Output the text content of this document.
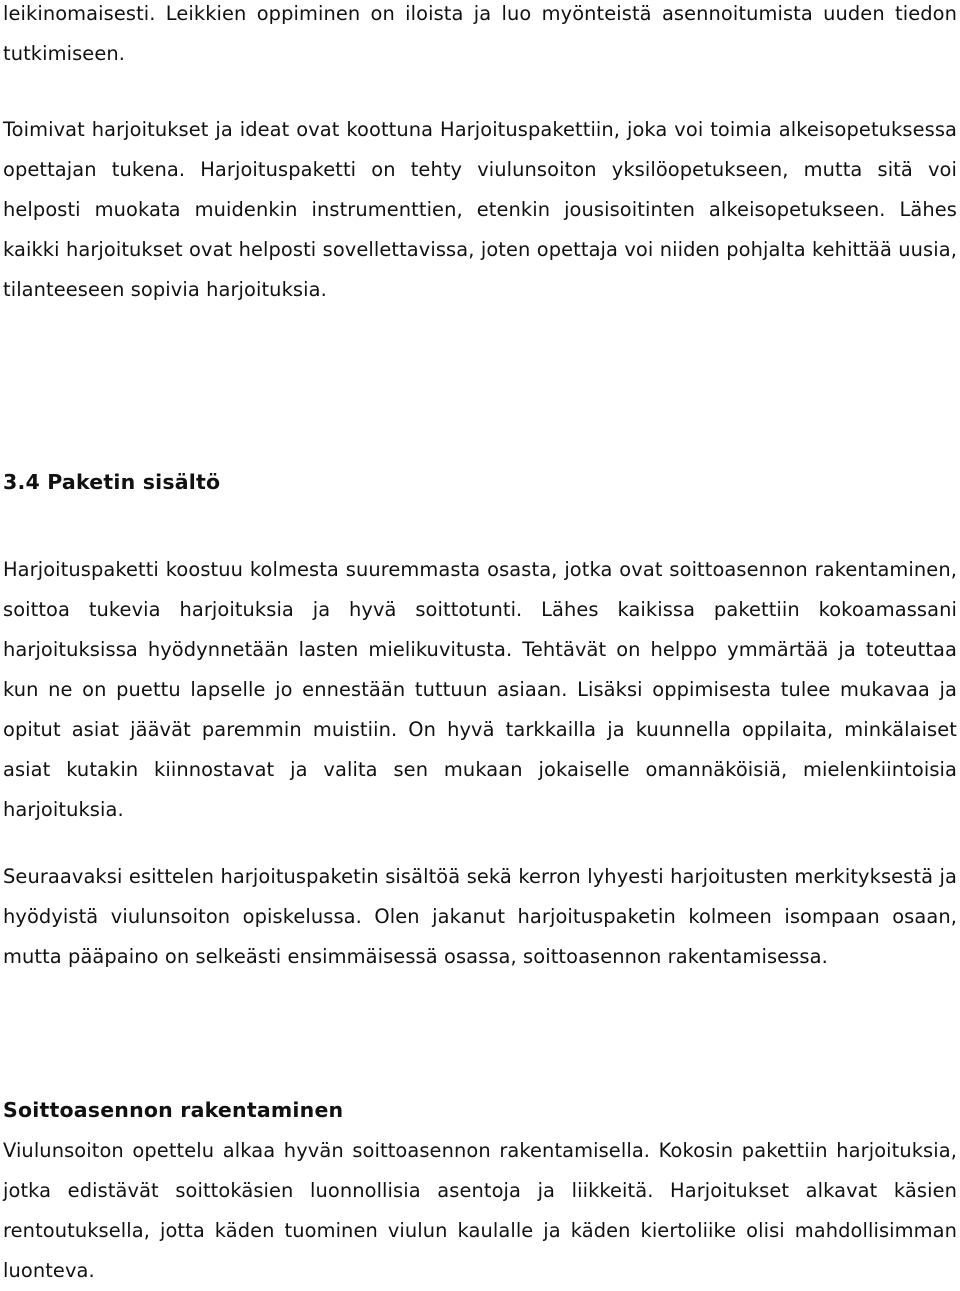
leikinomaisesti. Leikkien oppiminen on iloista ja luo myönteistä asennoitumista uuden tiedon tutkimiseen.

Toimivat harjoitukset ja ideat ovat koottuna Harjoituspakettiin, joka voi toimia alkeisopetuksessa opettajan tukena. Harjoituspaketti on tehty viulunsoiton yksilöopetukseen, mutta sitä voi helposti muokata muidenkin instrumenttien, etenkin jousisoitinten alkeisopetukseen. Lähes kaikki harjoitukset ovat helposti sovellettavissa, joten opettaja voi niiden pohjalta kehittää uusia, tilanteeseen sopivia harjoituksia.

3.4 Paketin sisältö

Harjoituspaketti koostuu kolmesta suuremmasta osasta, jotka ovat soittoasennon rakentaminen, soittoa tukevia harjoituksia ja hyvä soittotunti. Lähes kaikissa pakettiin kokoamassani harjoituksissa hyödynnetään lasten mielikuvitusta. Tehtävät on helppo ymmärtää ja toteuttaa kun ne on puettu lapselle jo ennestään tuttuun asiaan. Lisäksi oppimisesta tulee mukavaa ja opitut asiat jäävät paremmin muistiin. On hyvä tarkkailla ja kuunnella oppilaita, minkälaiset asiat kutakin kiinnostavat ja valita sen mukaan jokaiselle omannäköisiä, mielenkiintoisia harjoituksia.

Seuraavaksi esittelen harjoituspaketin sisältöä sekä kerron lyhyesti harjoitusten merkityksestä ja hyödyistä viulunsoiton opiskelussa. Olen jakanut harjoituspaketin kolmeen isompaan osaan, mutta pääpaino on selkeästi ensimmäisessä osassa, soittoasennon rakentamisessa.

Soittoasennon rakentaminen

Viulunsoiton opettelu alkaa hyvän soittoasennon rakentamisella. Kokosin pakettiin harjoituksia, jotka edistävät soittokäsien luonnollisia asentoja ja liikkeitä. Harjoitukset alkavat käsien rentoutuksella, jotta käden tuominen viulun kaulalle ja käden kiertoliike olisi mahdollisimman luonteva.
